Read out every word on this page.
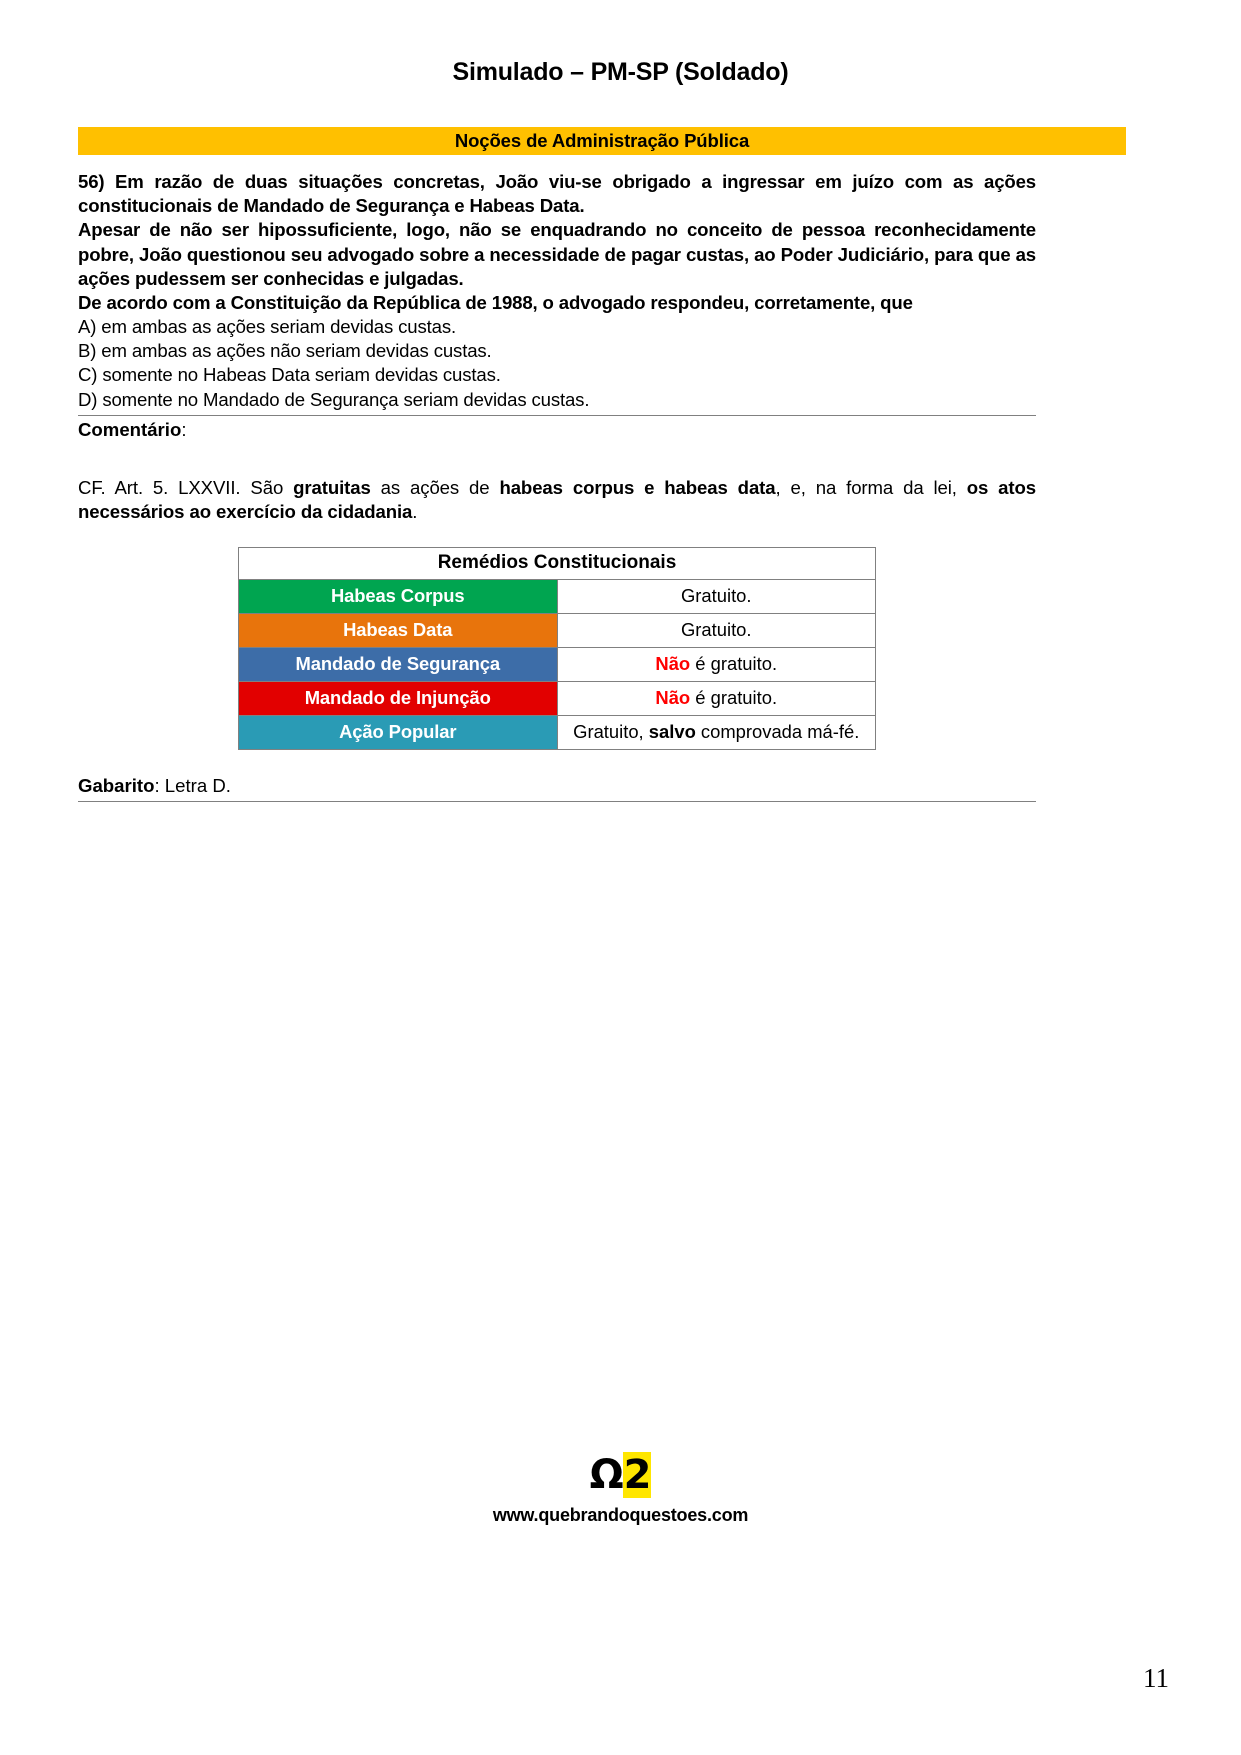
Simulado – PM-SP (Soldado)
Noções de Administração Pública

56) Em razão de duas situações concretas, João viu-se obrigado a ingressar em juízo com as ações constitucionais de Mandado de Segurança e Habeas Data.

Apesar de não ser hipossuficiente, logo, não se enquadrando no conceito de pessoa reconhecidamente pobre, João questionou seu advogado sobre a necessidade de pagar custas, ao Poder Judiciário, para que as ações pudessem ser conhecidas e julgadas.

De acordo com a Constituição da República de 1988, o advogado respondeu, corretamente, que

A) em ambas as ações seriam devidas custas.
B) em ambas as ações não seriam devidas custas.
C) somente no Habeas Data seriam devidas custas.
D) somente no Mandado de Segurança seriam devidas custas.
Comentário:

CF. Art. 5. LXXVII. São gratuitas as ações de habeas corpus e habeas data, e, na forma da lei, os atos necessários ao exercício da cidadania.

Remédios Constitucionais	
Habeas Corpus	Gratuito.
Habeas Data	Gratuito.
Mandado de Segurança	Não é gratuito.
Mandado de Injunção	Não é gratuito.
Ação Popular	Gratuito, salvo comprovada má-fé.
Gabarito: Letra D.
Ω2
www.quebrandoquestoes.com
11
